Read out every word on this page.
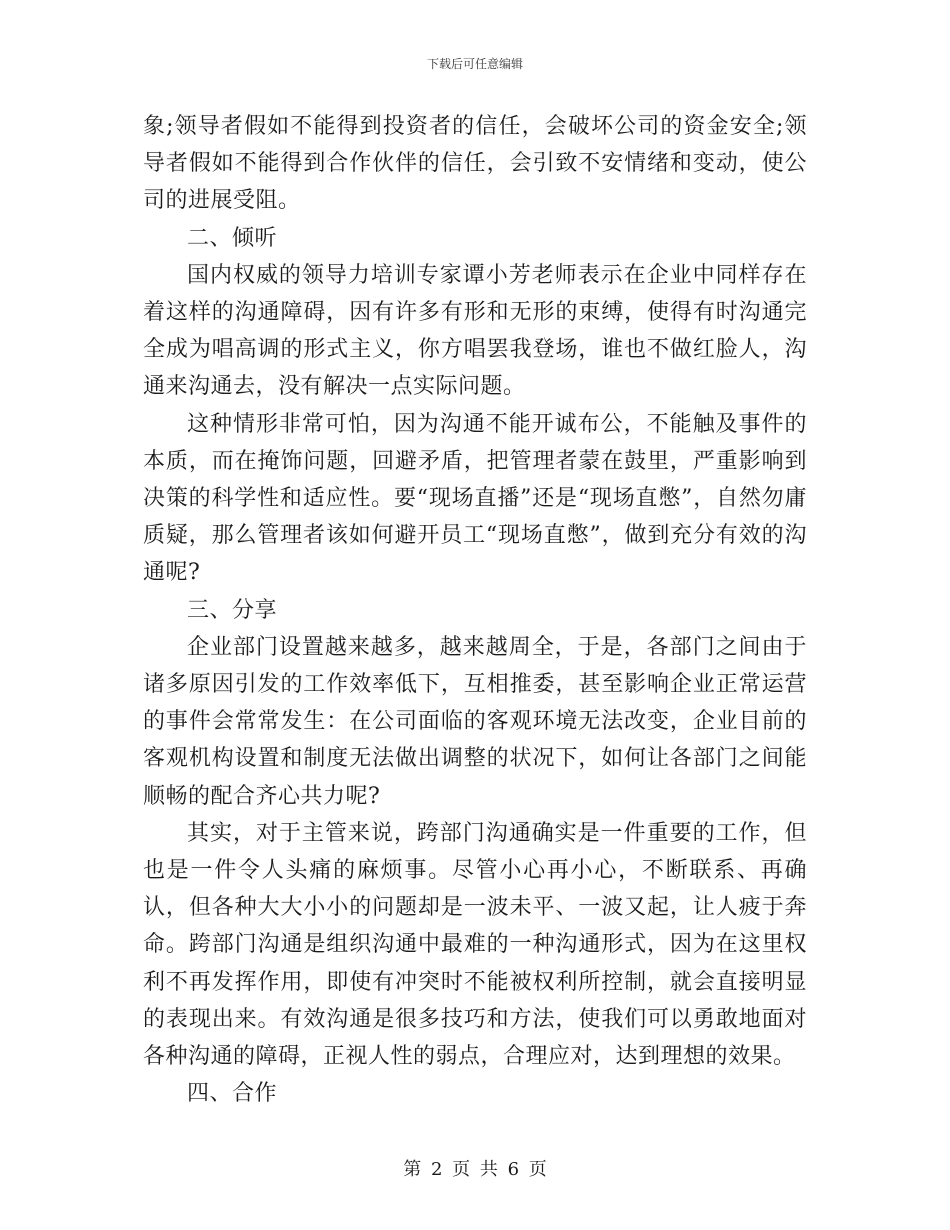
下载后可任意编辑

象;领导者假如不能得到投资者的信任，会破坏公司的资金安全;领导者假如不能得到合作伙伴的信任，会引致不安情绪和变动，使公司的进展受阻。

二、倾听

国内权威的领导力培训专家谭小芳老师表示在企业中同样存在着这样的沟通障碍，因有许多有形和无形的束缚，使得有时沟通完全成为唱高调的形式主义，你方唱罢我登场，谁也不做红脸人，沟通来沟通去，没有解决一点实际问题。

这种情形非常可怕，因为沟通不能开诚布公，不能触及事件的本质，而在掩饰问题，回避矛盾，把管理者蒙在鼓里，严重影响到决策的科学性和适应性。要“现场直播”还是“现场直憋”，自然勿庸质疑，那么管理者该如何避开员工“现场直憋”，做到充分有效的沟通呢?

三、分享

企业部门设置越来越多，越来越周全，于是，各部门之间由于诸多原因引发的工作效率低下，互相推委，甚至影响企业正常运营的事件会常常发生：在公司面临的客观环境无法改变，企业目前的客观机构设置和制度无法做出调整的状况下，如何让各部门之间能顺畅的配合齐心共力呢?

其实，对于主管来说，跨部门沟通确实是一件重要的工作，但也是一件令人头痛的麻烦事。尽管小心再小心，不断联系、再确认，但各种大大小小的问题却是一波未平、一波又起，让人疲于奔命。跨部门沟通是组织沟通中最难的一种沟通形式，因为在这里权利不再发挥作用，即使有冲突时不能被权利所控制，就会直接明显的表现出来。有效沟通是很多技巧和方法，使我们可以勇敢地面对各种沟通的障碍，正视人性的弱点，合理应对，达到理想的效果。

四、合作

第 2 页 共 6 页
